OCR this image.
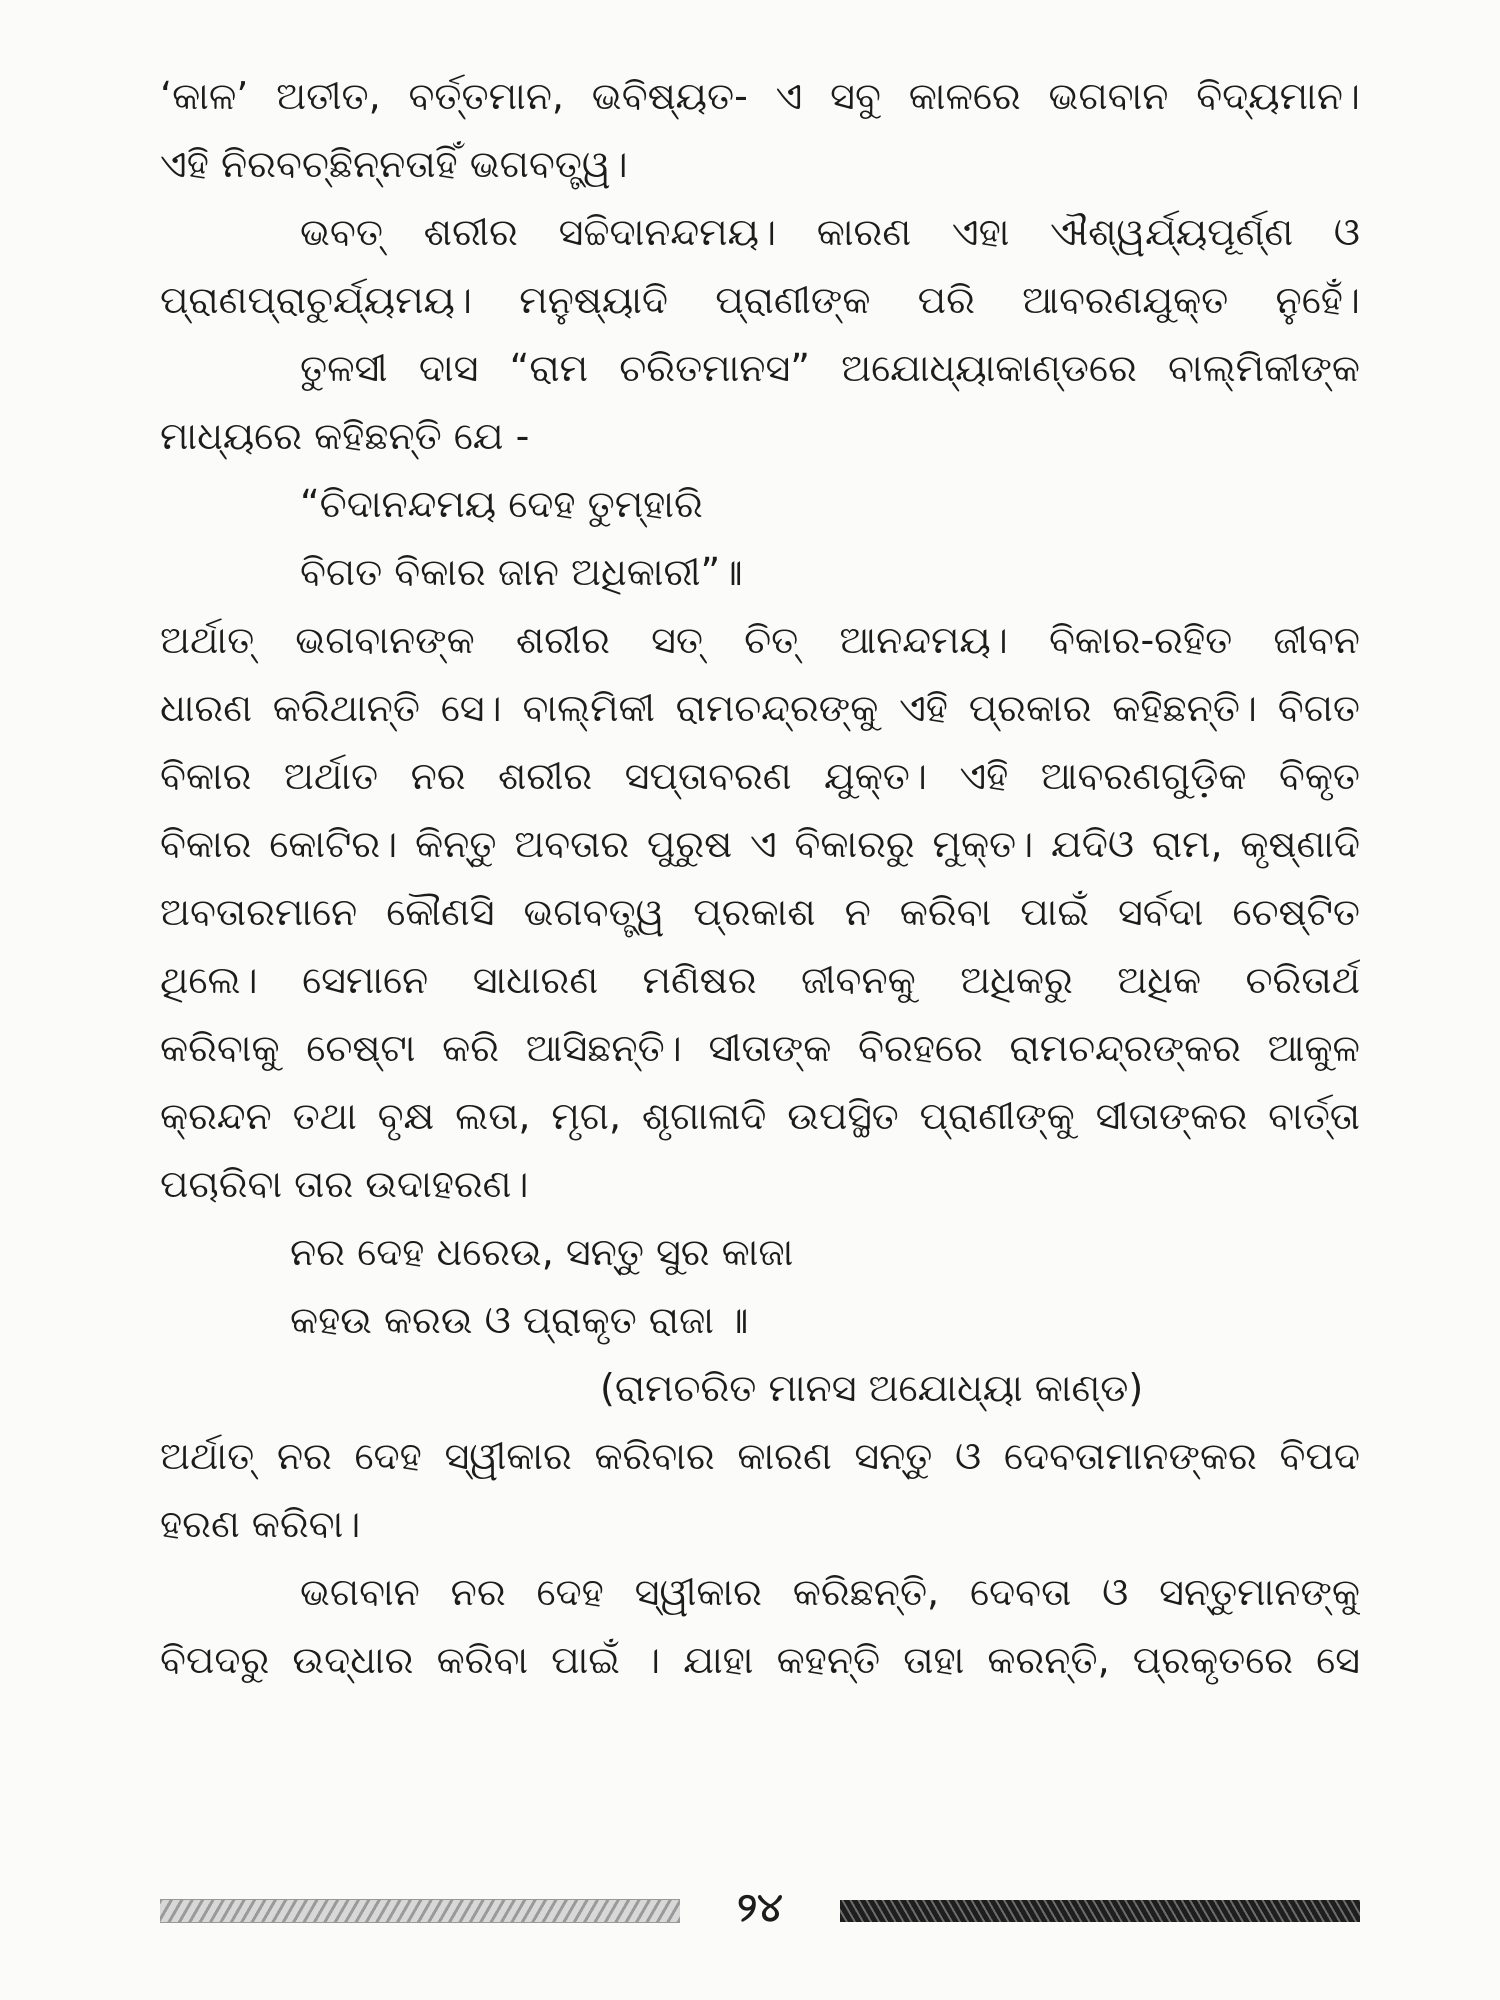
‘କାଳ’ ଅତୀତ, ବର୍ତ୍ତମାନ, ଭବିଷ୍ୟତ- ଏ ସବୁ କାଳରେ ଭଗବାନ ବିଦ୍ୟମାନ।
ଏହି ନିରବଚ୍ଛିନ୍ନତାହିଁ ଭଗବତ୍ତ୍ୱ।
ଭବତ୍ ଶରୀର ସଚ୍ଚିଦାନନ୍ଦମୟ। କାରଣ ଏହା ଐଶ୍ୱର୍ଯ୍ୟପୂର୍ଣ୍ଣ ଓ
ପ୍ରାଣପ୍ରାଚୁର୍ଯ୍ୟମୟ। ମନୁଷ୍ୟାଦି ପ୍ରାଣୀଙ୍କ ପରି ଆବରଣଯୁକ୍ତ ନୁହେଁ।
ତୁଳସୀ ଦାସ “ରାମ ଚରିତମାନସ” ଅଯୋଧ୍ୟାକାଣ୍ଡରେ ବାଲ୍ମିକୀଙ୍କ
ମାଧ୍ୟରେ କହିଛନ୍ତି ଯେ -
“ଚିଦାନନ୍ଦମୟ ଦେହ ତୁମ୍ହାରି
ବିଗତ ବିକାର ଜାନ ଅଧିକାରୀ”॥
ଅର୍ଥାତ୍ ଭଗବାନଙ୍କ ଶରୀର ସତ୍ ଚିତ୍ ଆନନ୍ଦମୟ। ବିକାର-ରହିତ ଜୀବନ
ଧାରଣ କରିଥାନ୍ତି ସେ। ବାଲ୍ମିକୀ ରାମଚନ୍ଦ୍ରଙ୍କୁ ଏହି ପ୍ରକାର କହିଛନ୍ତି। ବିଗତ
ବିକାର ଅର୍ଥାତ ନର ଶରୀର ସପ୍ତାବରଣ ଯୁକ୍ତ। ଏହି ଆବରଣଗୁଡ଼ିକ ବିକୃତ
ବିକାର କୋଟିର। କିନ୍ତୁ ଅବତାର ପୁରୁଷ ଏ ବିକାରରୁ ମୁକ୍ତ। ଯଦିଓ ରାମ, କୃଷ୍ଣାଦି
ଅବତାରମାନେ କୌଣସି ଭଗବତ୍ତ୍ୱ ପ୍ରକାଶ ନ କରିବା ପାଇଁ ସର୍ବଦା ଚେଷ୍ଟିତ
ଥିଲେ। ସେମାନେ ସାଧାରଣ ମଣିଷର ଜୀବନକୁ ଅଧିକରୁ ଅଧିକ ଚରିତାର୍ଥ
କରିବାକୁ ଚେଷ୍ଟା କରି ଆସିଛନ୍ତି। ସୀତାଙ୍କ ବିରହରେ ରାମଚନ୍ଦ୍ରଙ୍କର ଆକୁଳ
କ୍ରନ୍ଦନ ତଥା ବୃକ୍ଷ ଲତା, ମୃଗ, ଶୃଗାଳାଦି ଉପସ୍ଥିତ ପ୍ରାଣୀଙ୍କୁ ସୀତାଙ୍କର ବାର୍ତ୍ତା
ପଚାରିବା ତାର ଉଦାହରଣ।
ନର ଦେହ ଧରେଉ, ସନ୍ତୁ ସୁର କାଜା
କହଉ କରଉ ଓ ପ୍ରାକୃତ ରାଜା ॥
(ରାମଚରିତ ମାନସ ଅଯୋଧ୍ୟା କାଣ୍ଡ)
ଅର୍ଥାତ୍ ନର ଦେହ ସ୍ୱୀକାର କରିବାର କାରଣ ସନ୍ତୁ ଓ ଦେବତାମାନଙ୍କର ବିପଦ
ହରଣ କରିବା।
ଭଗବାନ ନର ଦେହ ସ୍ୱୀକାର କରିଛନ୍ତି, ଦେବତା ଓ ସନ୍ତୁମାନଙ୍କୁ
ବିପଦରୁ ଉଦ୍ଧାର କରିବା ପାଇଁ । ଯାହା କହନ୍ତି ତାହା କରନ୍ତି, ପ୍ରକୃତରେ ସେ
୨୪
